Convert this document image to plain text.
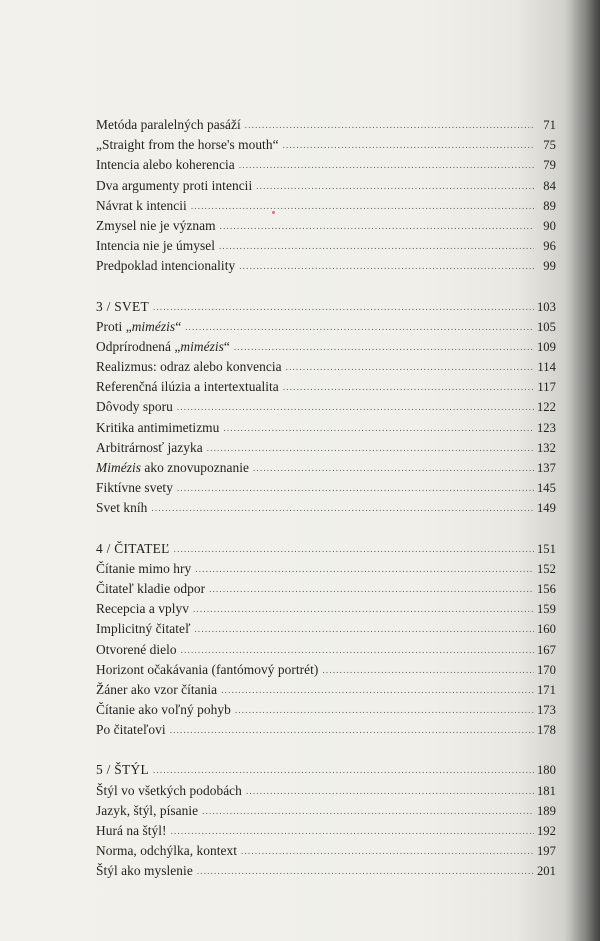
Metóda paralelných pasáží .....	71
„Straight from the horse's mouth“ .....	75
Intencia alebo koherencia .....	79
Dva argumenty proti intencii .....	84
Návrat k intencii .....	89
Zmysel nie je význam .....	90
Intencia nie je úmysel .....	96
Predpoklad intencionality .....	99
3 / SVET .....	103
Proti „mimézis“ .....	105
Odprírodnená „mimézis“ .....	109
Realizmus: odraz alebo konvencia .....	114
Referenčná ilúzia a intertextualita .....	117
Dôvody sporu .....	122
Kritika antimimetizmu .....	123
Arbitrárnosť jazyka .....	132
Mimézis ako znovupoznanie .....	137
Fiktívne svety .....	145
Svet kníh .....	149
4 / ČITATEĽ .....	151
Čítanie mimo hry .....	152
Čitateľ kladie odpor .....	156
Recepcia a vplyv .....	159
Implicitný čitateľ .....	160
Otvorené dielo .....	167
Horizont očakávania (fantómový portrét) .....	170
Žáner ako vzor čítania .....	171
Čítanie ako voľný pohyb .....	173
Po čitateľovi .....	178
5 / ŠTÝL .....	180
Štýl vo všetkých podobách .....	181
Jazyk, štýl, písanie .....	189
Hurá na štýl! .....	192
Norma, odchýlka, kontext .....	197
Štýl ako myslenie .....	201
